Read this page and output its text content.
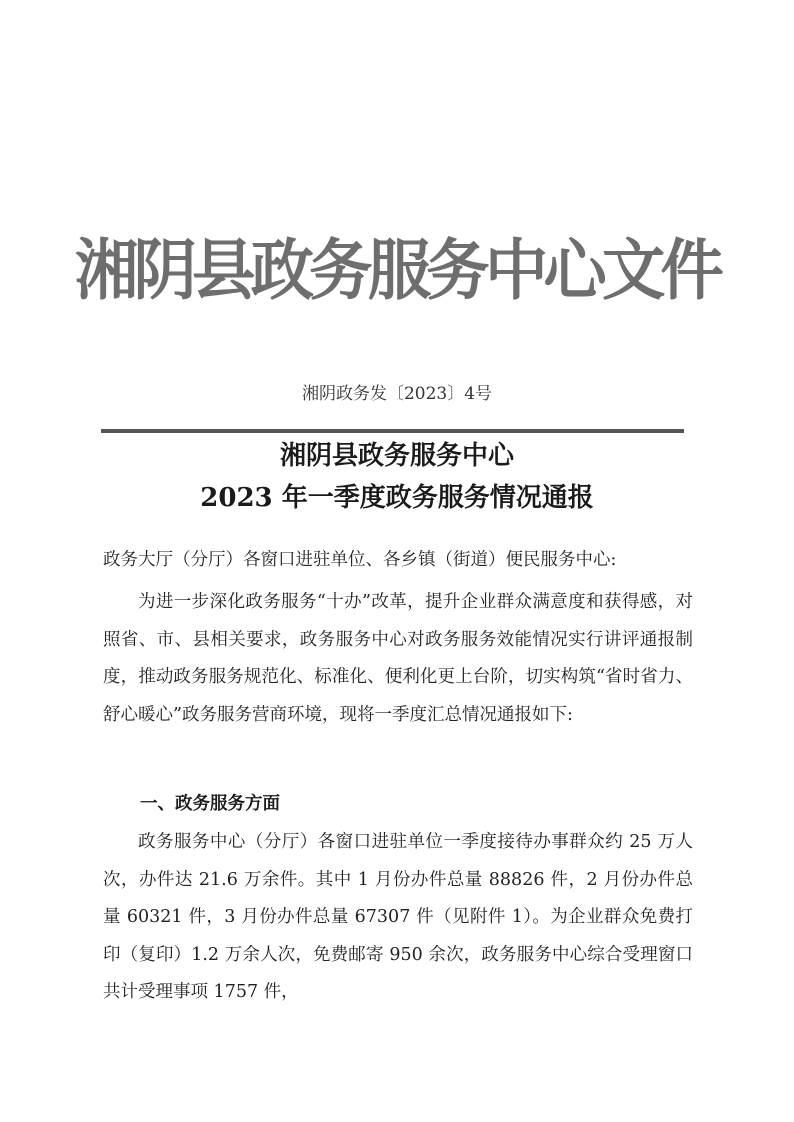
湘阴县政务服务中心文件
湘阴政务发〔2023〕4号
湘阴县政务服务中心
2023 年一季度政务服务情况通报
政务大厅（分厅）各窗口进驻单位、各乡镇（街道）便民服务中心:
为进一步深化政务服务“十办”改革，提升企业群众满意度和获得感，对照省、市、县相关要求，政务服务中心对政务服务效能情况实行讲评通报制度，推动政务服务规范化、标准化、便利化更上台阶，切实构筑“省时省力、舒心暖心”政务服务营商环境，现将一季度汇总情况通报如下:
一、政务服务方面
政务服务中心（分厅）各窗口进驻单位一季度接待办事群众约 25 万人次，办件达 21.6 万余件。其中 1 月份办件总量 88826 件，2 月份办件总量 60321 件，3 月份办件总量 67307 件（见附件 1）。为企业群众免费打印（复印）1.2 万余人次，免费邮寄 950 余次，政务服务中心综合受理窗口共计受理事项 1757 件，
